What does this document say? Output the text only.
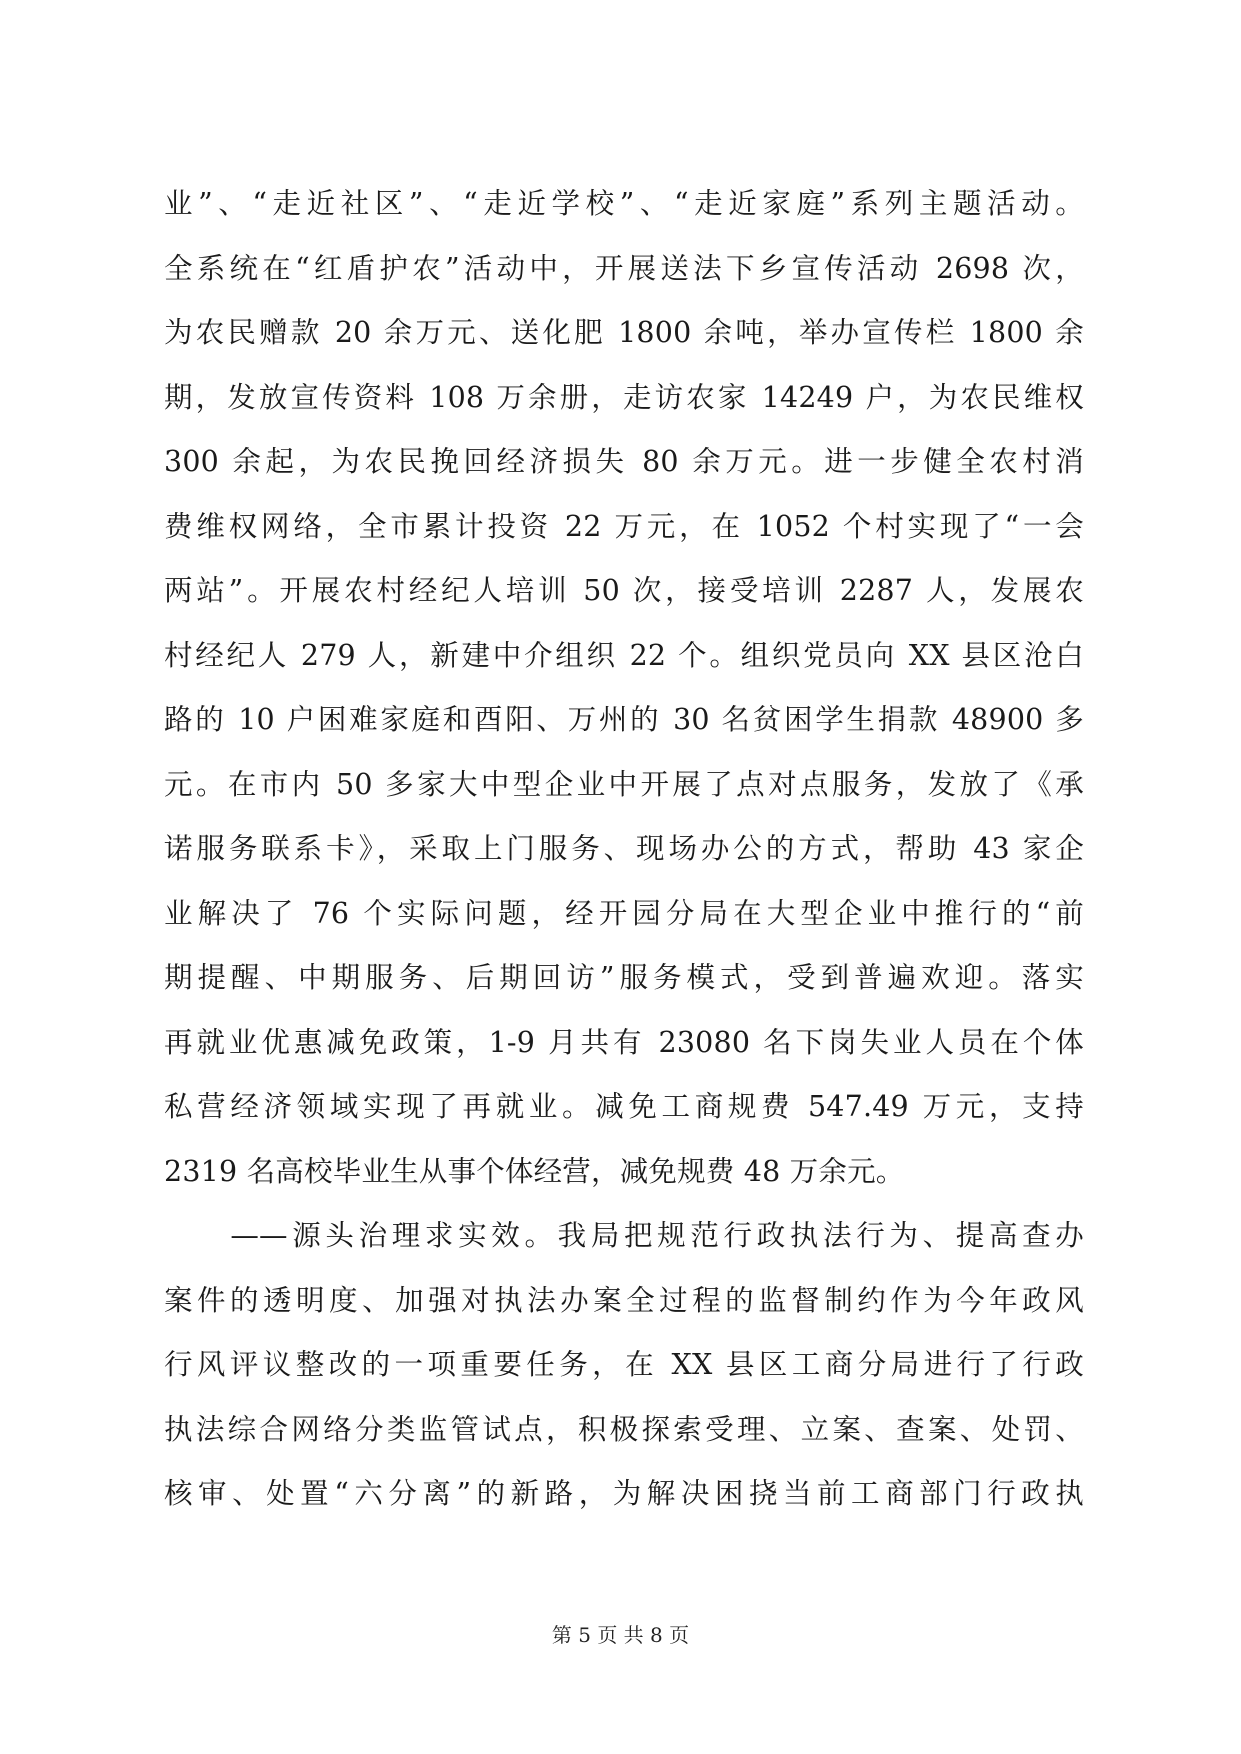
业”、“走近社区”、“走近学校”、“走近家庭”系列主题活动。
全系统在“红盾护农”活动中，开展送法下乡宣传活动 2698 次，
为农民赠款 20 余万元、送化肥 1800 余吨，举办宣传栏 1800 余
期，发放宣传资料 108 万余册，走访农家 14249 户，为农民维权
300 余起，为农民挽回经济损失 80 余万元。进一步健全农村消
费维权网络，全市累计投资 22 万元，在 1052 个村实现了“一会
两站”。开展农村经纪人培训 50 次，接受培训 2287 人，发展农
村经纪人 279 人，新建中介组织 22 个。组织党员向 XX 县区沧白
路的 10 户困难家庭和酉阳、万州的 30 名贫困学生捐款 48900 多
元。在市内 50 多家大中型企业中开展了点对点服务，发放了《承
诺服务联系卡》，采取上门服务、现场办公的方式，帮助 43 家企
业解决了 76 个实际问题，经开园分局在大型企业中推行的“前
期提醒、中期服务、后期回访”服务模式，受到普遍欢迎。落实
再就业优惠减免政策，1-9 月共有 23080 名下岗失业人员在个体
私营经济领域实现了再就业。减免工商规费 547.49 万元，支持
2319 名高校毕业生从事个体经营，减免规费 48 万余元。
　　——源头治理求实效。我局把规范行政执法行为、提高查办
案件的透明度、加强对执法办案全过程的监督制约作为今年政风
行风评议整改的一项重要任务，在 XX 县区工商分局进行了行政
执法综合网络分类监管试点，积极探索受理、立案、查案、处罚、
核审、处置“六分离”的新路，为解决困挠当前工商部门行政执
第 5 页 共 8 页
